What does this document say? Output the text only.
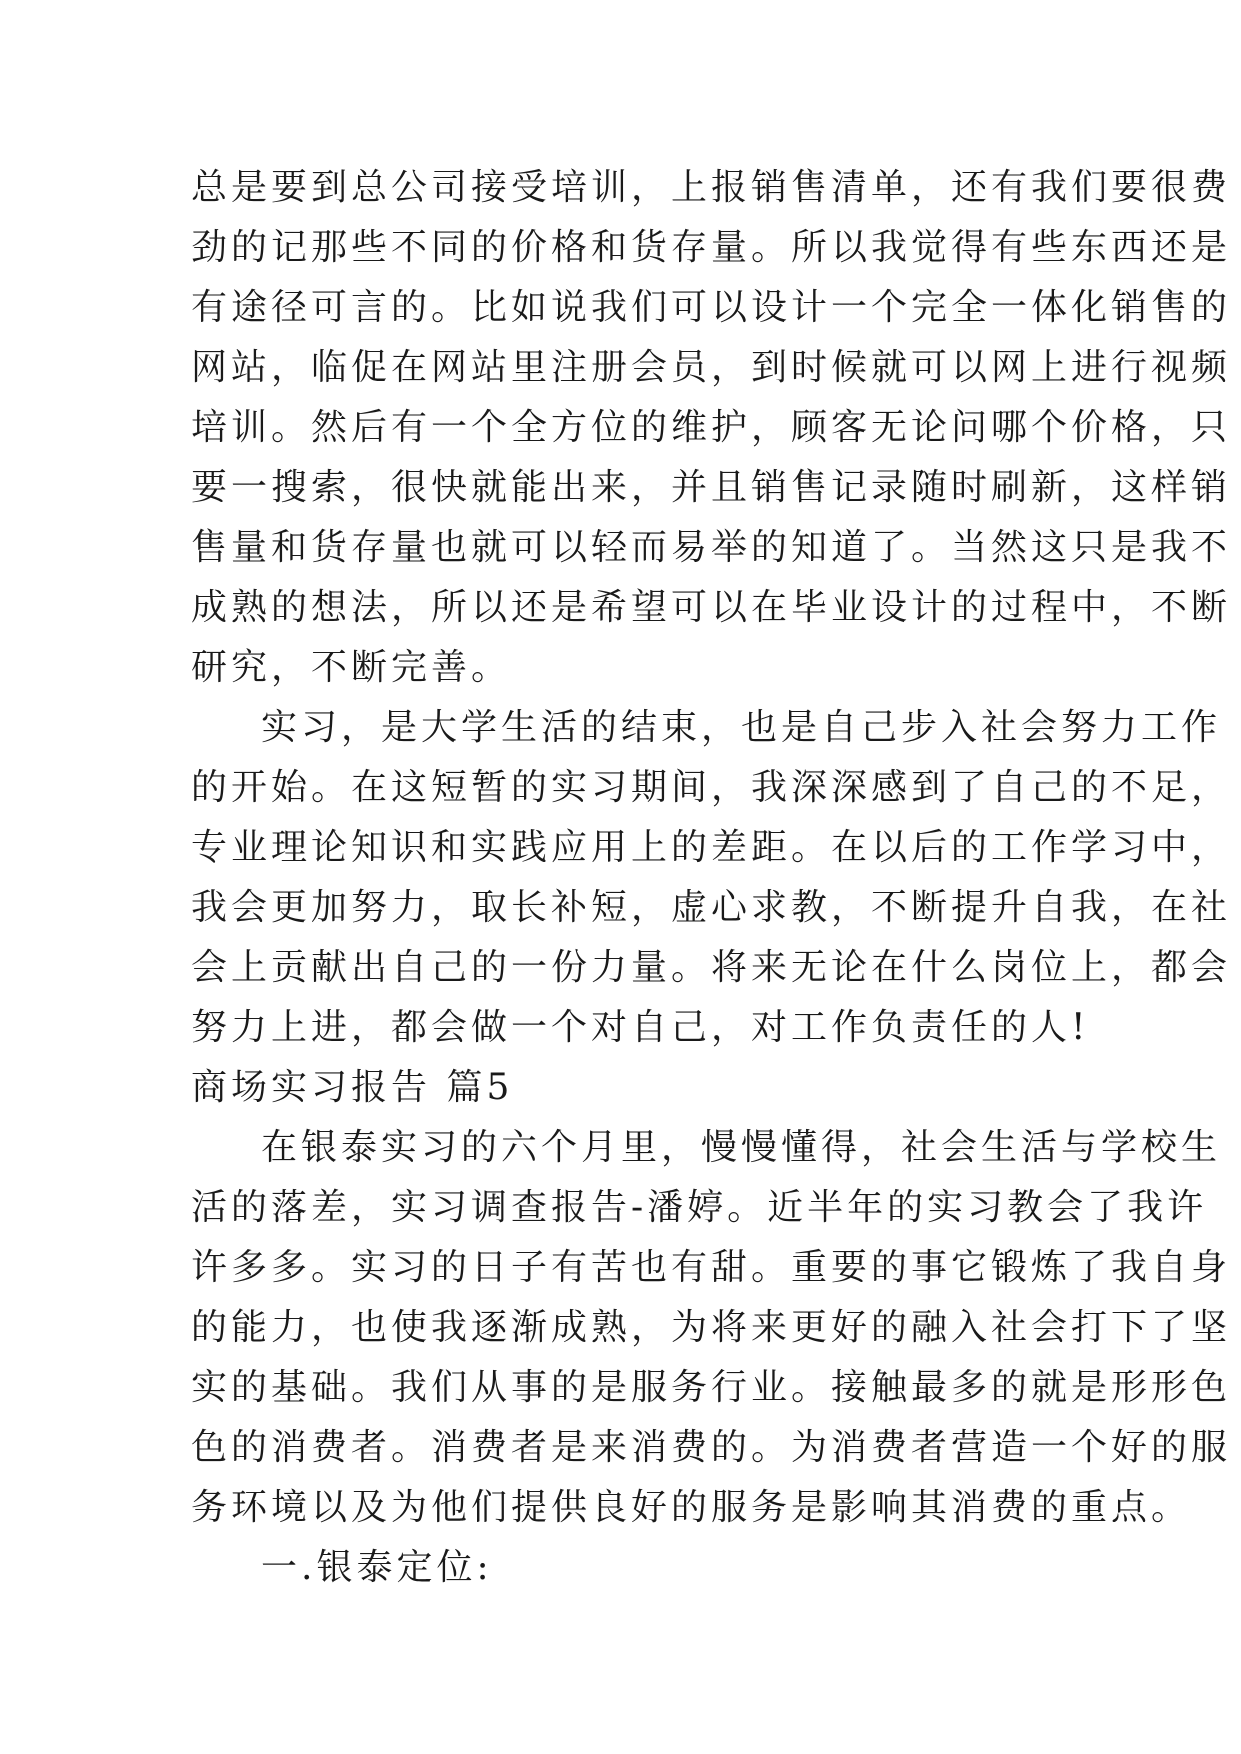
总是要到总公司接受培训，上报销售清单，还有我们要很费
劲的记那些不同的价格和货存量。所以我觉得有些东西还是
有途径可言的。比如说我们可以设计一个完全一体化销售的
网站，临促在网站里注册会员，到时候就可以网上进行视频
培训。然后有一个全方位的维护，顾客无论问哪个价格，只
要一搜索，很快就能出来，并且销售记录随时刷新，这样销
售量和货存量也就可以轻而易举的知道了。当然这只是我不
成熟的想法，所以还是希望可以在毕业设计的过程中，不断
研究，不断完善。
实习，是大学生活的结束，也是自己步入社会努力工作
的开始。在这短暂的实习期间，我深深感到了自己的不足，
专业理论知识和实践应用上的差距。在以后的工作学习中，
我会更加努力，取长补短，虚心求教，不断提升自我，在社
会上贡献出自己的一份力量。将来无论在什么岗位上，都会
努力上进，都会做一个对自己，对工作负责任的人!
商场实习报告 篇5
在银泰实习的六个月里，慢慢懂得，社会生活与学校生
活的落差，实习调查报告-潘婷。近半年的实习教会了我许
许多多。实习的日子有苦也有甜。重要的事它锻炼了我自身
的能力，也使我逐渐成熟，为将来更好的融入社会打下了坚
实的基础。我们从事的是服务行业。接触最多的就是形形色
色的消费者。消费者是来消费的。为消费者营造一个好的服
务环境以及为他们提供良好的服务是影响其消费的重点。
一.银泰定位:
